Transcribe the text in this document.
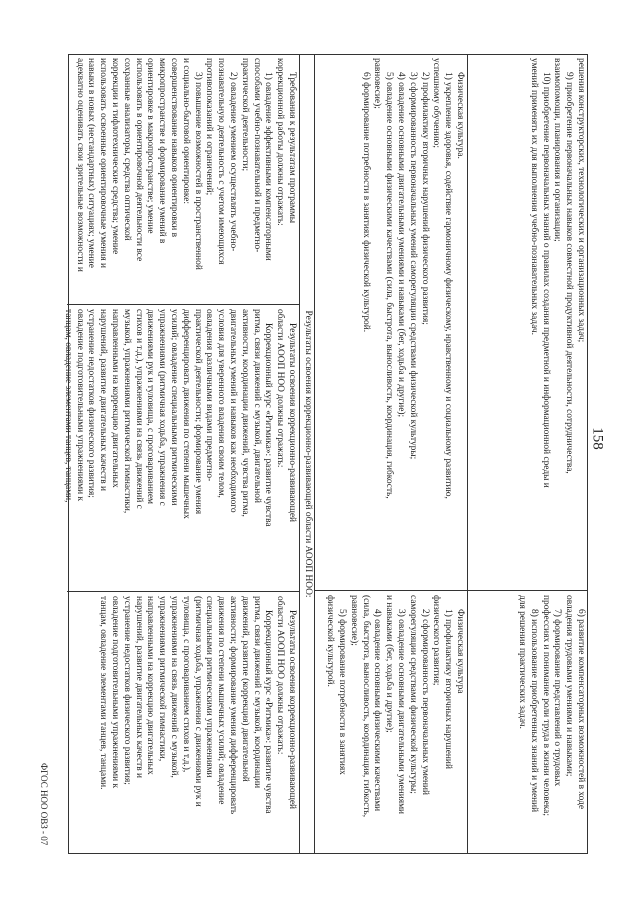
158
ФГОС НОО ОВЗ - 07
решения конструкторских, технологических и организационных задач;
9) приобретение первоначальных навыков совместной продуктивной деятельности, сотрудничества,
взаимопомощи, планирования и организации;
10) приобретение первоначальных знаний о правилах создания предметной и информационной среды и
умений применять их для выполнения учебно-познавательных задач.
6) развитие компенсаторных возможностей в ходе
овладения трудовыми умениями и навыками;
7) формирование представлений о трудовых
профессиях и понимание роли труда в жизни человека;
8) использование приобретенных знаний и умений
для решения практических задач.
Физическая культура.
1) укрепление здоровья, содействие гармоничному физическому, нравственному и социальному развитию,
успешному обучению;
2) профилактику вторичных нарушений физического развития;
3) сформированность первоначальных умений саморегуляции средствами физической культуры;
4) овладение основными двигательными умениями и навыками (бег, ходьба и другие);
5) овладение основными физическими качествами (сила, быстрота, выносливость, координация, гибкость,
равновесие);
6) формирование потребности в занятиях физической культурой.
Физическая культура
1) профилактику вторичных нарушений
физического развития;
2) сформированность первоначальных умений
саморегуляции средствами физической культуры;
3) овладение основными двигательными умениями
и навыками (бег, ходьба и другие);
4) овладение основными физическими качествами
(сила, быстрота, выносливость, координация, гибкость,
равновесие);
5) формирование потребности в занятиях
физической культурой.
Результаты освоения коррекционно-развивающей области АООП НОО:
Требования к результатам программы
коррекционной работы должны отражать:
1) овладение эффективными компенсаторными
способами учебно-познавательной и предметно-
практической деятельности;
2) овладение умением осуществлять учебно-
познавательную деятельность с учетом имеющихся
противопоказаний и ограничений;
3) повышение возможностей в пространственной
и социально-бытовой ориентировке:
совершенствование навыков ориентировки в
микропространстве и формирование умений в
ориентировке в макропространстве; умение
использовать в ориентировочной деятельности все
сохранные анализаторы, средства оптической
коррекции и тифлотехнические средства; умение
использовать освоенные ориентировочные умения и
навыки в новых (нестандартных) ситуациях; умение
адекватно оценивать свои зрительные возможности и
Результаты освоения коррекционно-развивающей
области АООП НОО должны отражать:
Коррекционный курс «Ритмика»: развитие чувства
ритма, связи движений с музыкой, двигательной
активности, координации движений, чувства ритма,
двигательных умений и навыков как необходимого
условия для уверенного владения своим телом,
овладения различными видами предметно-
практической деятельности; формирование умения
дифференцировать движения по степени мышечных
усилий; овладение специальными ритмическими
упражнениями (ритмичная ходьба, упражнения с
движениями рук и туловища, с проговариванием
стихов и т.д.), упражнениями на связь движений с
музыкой, упражнениями ритмической гимнастики,
направленными на коррекцию двигательных
нарушений, развитие двигательных качеств и
устранение недостатков физического развития;
овладение подготовительными упражнениями к
танцам, овладение элементами танцев, танцами,
Результаты освоения коррекционно-развивающей
области АООП НОО должны отражать:
Коррекционный курс «Ритмика»: развитие чувства
ритма, связи движений с музыкой, координации
движений, развитие (коррекция) двигательной
активности; формирование умения дифференцировать
движения по степени мышечных усилий; овладение
специальными ритмическими упражнениями
(ритмичная ходьба, упражнения с движениями рук и
туловища, с проговариванием стихов и т.д.),
упражнениями на связь движений с музыкой,
упражнениями ритмической гимнастики,
направленными на коррекцию двигательных
нарушений, развитие двигательных качеств и
устранение недостатков физического развития;
овладение подготовительными упражнениями к
танцам, овладение элементами танцев, танцами.
